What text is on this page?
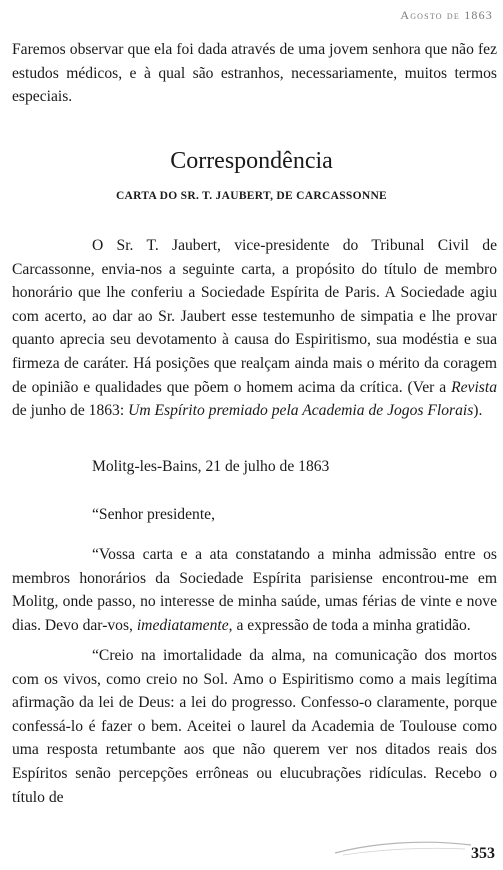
Agosto de 1863

Faremos observar que ela foi dada através de uma jovem senhora que não fez estudos médicos, e à qual são estranhos, necessariamente, muitos termos especiais.

Correspondência
CARTA DO SR. T. JAUBERT, DE CARCASSONNE

O Sr. T. Jaubert, vice-presidente do Tribunal Civil de Carcassonne, envia-nos a seguinte carta, a propósito do título de membro honorário que lhe conferiu a Sociedade Espírita de Paris. A Sociedade agiu com acerto, ao dar ao Sr. Jaubert esse testemunho de simpatia e lhe provar quanto aprecia seu devotamento à causa do Espiritismo, sua modéstia e sua firmeza de caráter. Há posições que realçam ainda mais o mérito da coragem de opinião e qualidades que põem o homem acima da crítica. (Ver a Revista de junho de 1863: Um Espírito premiado pela Academia de Jogos Florais).

Molitg-les-Bains, 21 de julho de 1863

“Senhor presidente,

“Vossa carta e a ata constatando a minha admissão entre os membros honorários da Sociedade Espírita parisiense encontrou-me em Molitg, onde passo, no interesse de minha saúde, umas férias de vinte e nove dias. Devo dar-vos, imediatamente, a expressão de toda a minha gratidão.

“Creio na imortalidade da alma, na comunicação dos mortos com os vivos, como creio no Sol. Amo o Espiritismo como a mais legítima afirmação da lei de Deus: a lei do progresso. Confesso-o claramente, porque confessá-lo é fazer o bem. Aceitei o laurel da Academia de Toulouse como uma resposta retumbante aos que não querem ver nos ditados reais dos Espíritos senão percepções errôneas ou elucubrações ridículas. Recebo o título de

353
